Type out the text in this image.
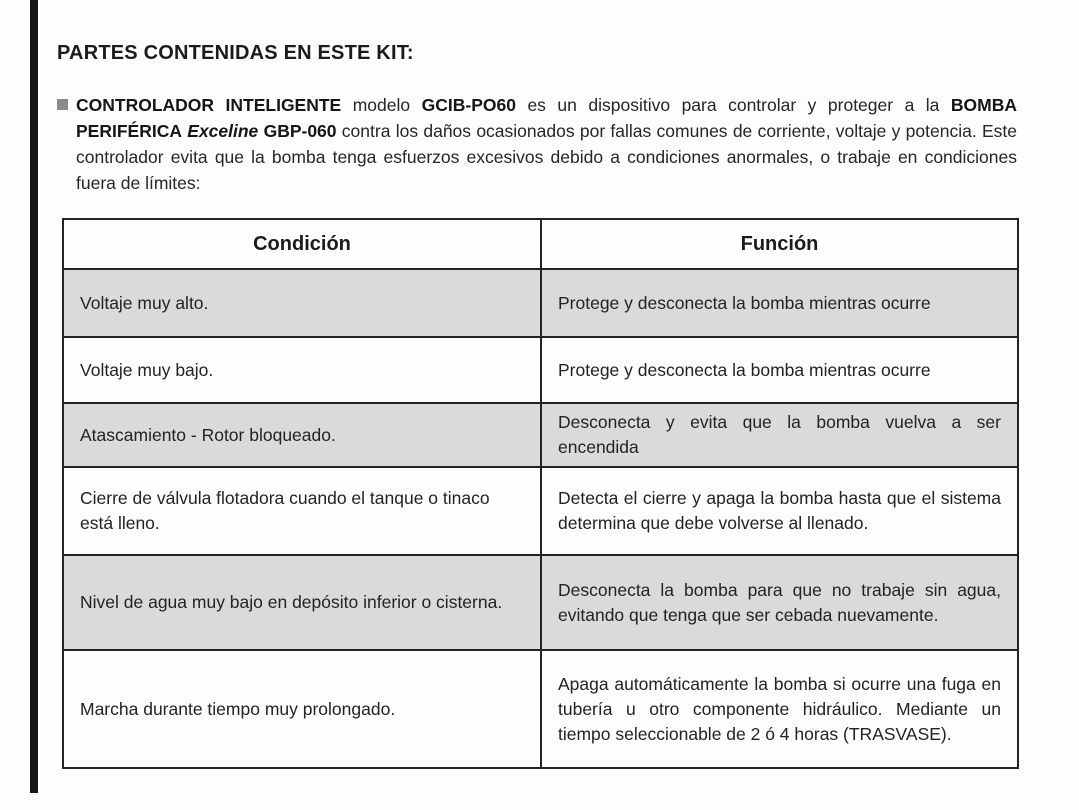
PARTES CONTENIDAS EN ESTE KIT:
CONTROLADOR INTELIGENTE modelo GCIB-PO60 es un dispositivo para controlar y proteger a la BOMBA PERIFÉRICA Exceline GBP-060 contra los daños ocasionados por fallas comunes de corriente, voltaje y potencia. Este controlador evita que la bomba tenga esfuerzos excesivos debido a condiciones anormales, o trabaje en condiciones fuera de límites:
Condición	Función
Voltaje muy alto.	Protege y desconecta la bomba mientras ocurre
Voltaje muy bajo.	Protege y desconecta la bomba mientras ocurre
Atascamiento - Rotor bloqueado.	Desconecta y evita que la bomba vuelva a ser encendida
Cierre de válvula flotadora cuando el tanque o tinaco está lleno.	Detecta el cierre y apaga la bomba hasta que el sistema determina que debe volverse al llenado.
Nivel de agua muy bajo en depósito inferior o cisterna.	Desconecta la bomba para que no trabaje sin agua, evitando que tenga que ser cebada nuevamente.
Marcha durante tiempo muy prolongado.	Apaga automáticamente la bomba si ocurre una fuga en tubería u otro componente hidráulico. Mediante un tiempo seleccionable de 2 ó 4 horas (TRASVASE).
